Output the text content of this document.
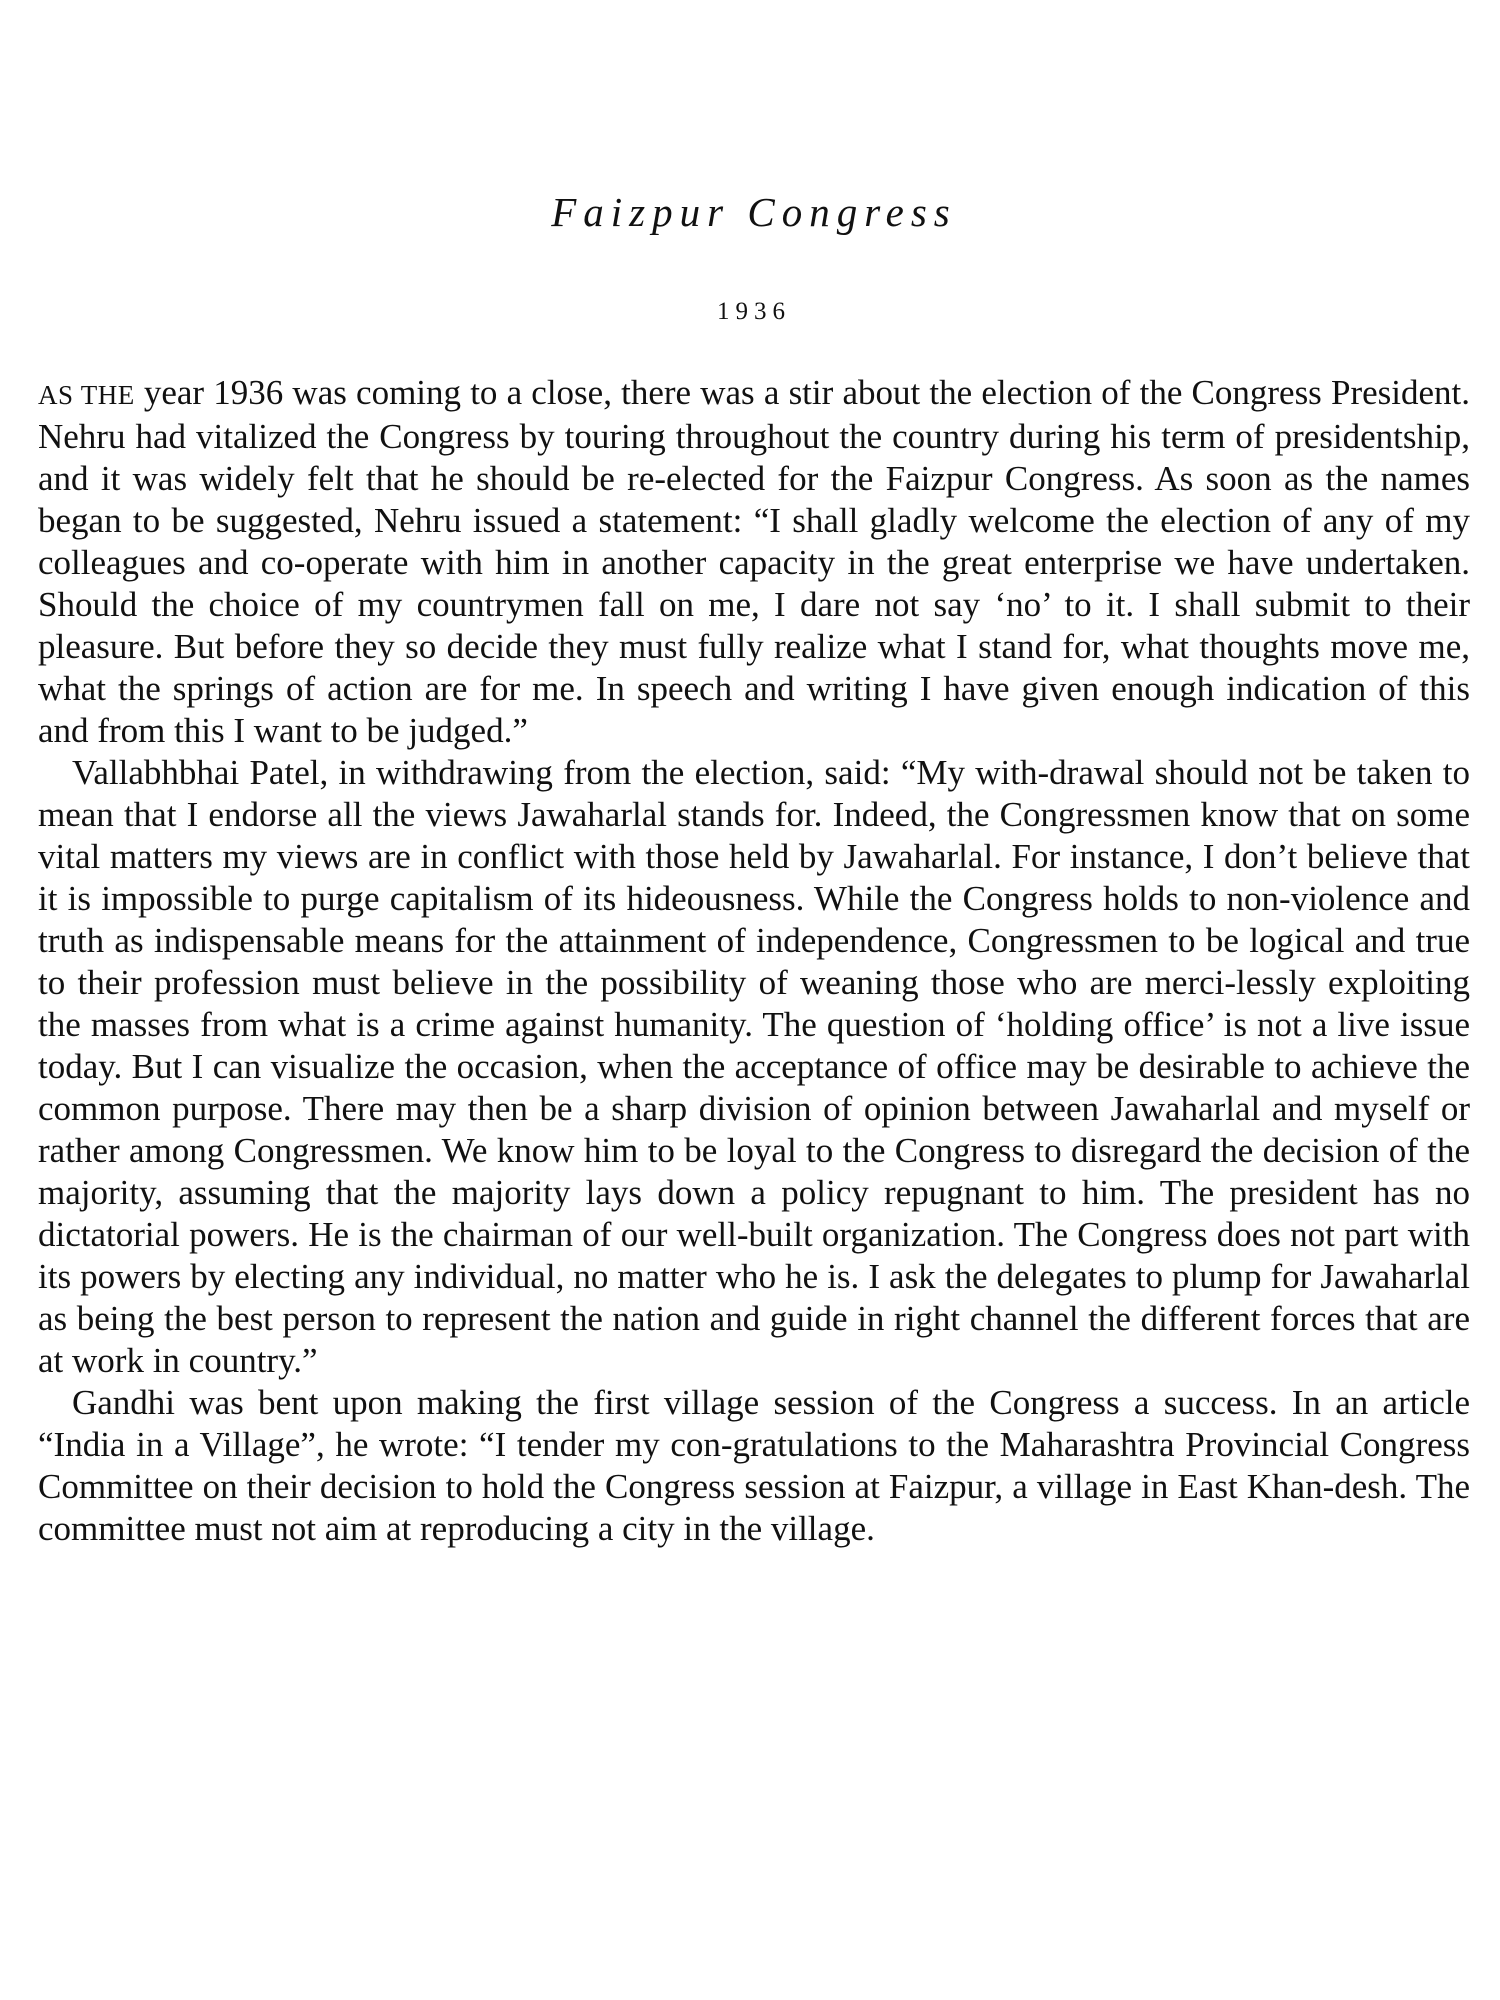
Faizpur Congress
1936

AS THE year 1936 was coming to a close, there was a stir about the election of the Congress President. Nehru had vitalized the Congress by touring throughout the country during his term of presidentship, and it was widely felt that he should be re-elected for the Faizpur Congress. As soon as the names began to be suggested, Nehru issued a statement: “I shall gladly welcome the election of any of my colleagues and co-operate with him in another capacity in the great enterprise we have undertaken. Should the choice of my countrymen fall on me, I dare not say ‘no’ to it. I shall submit to their pleasure. But before they so decide they must fully realize what I stand for, what thoughts move me, what the springs of action are for me. In speech and writing I have given enough indication of this and from this I want to be judged.”

Vallabhbhai Patel, in withdrawing from the election, said: “My with-drawal should not be taken to mean that I endorse all the views Jawaharlal stands for. Indeed, the Congressmen know that on some vital matters my views are in conflict with those held by Jawaharlal. For instance, I don’t believe that it is impossible to purge capitalism of its hideousness. While the Congress holds to non-violence and truth as indispensable means for the attainment of independence, Congressmen to be logical and true to their profession must believe in the possibility of weaning those who are merci-lessly exploiting the masses from what is a crime against humanity. The question of ‘holding office’ is not a live issue today. But I can visualize the occasion, when the acceptance of office may be desirable to achieve the common purpose. There may then be a sharp division of opinion between Jawaharlal and myself or rather among Congressmen. We know him to be loyal to the Congress to disregard the decision of the majority, assuming that the majority lays down a policy repugnant to him. The president has no dictatorial powers. He is the chairman of our well-built organization. The Congress does not part with its powers by electing any individual, no matter who he is. I ask the delegates to plump for Jawaharlal as being the best person to represent the nation and guide in right channel the different forces that are at work in country.”

Gandhi was bent upon making the first village session of the Congress a success. In an article “India in a Village”, he wrote: “I tender my con-gratulations to the Maharashtra Provincial Congress Committee on their decision to hold the Congress session at Faizpur, a village in East Khan-desh. The committee must not aim at reproducing a city in the village.
